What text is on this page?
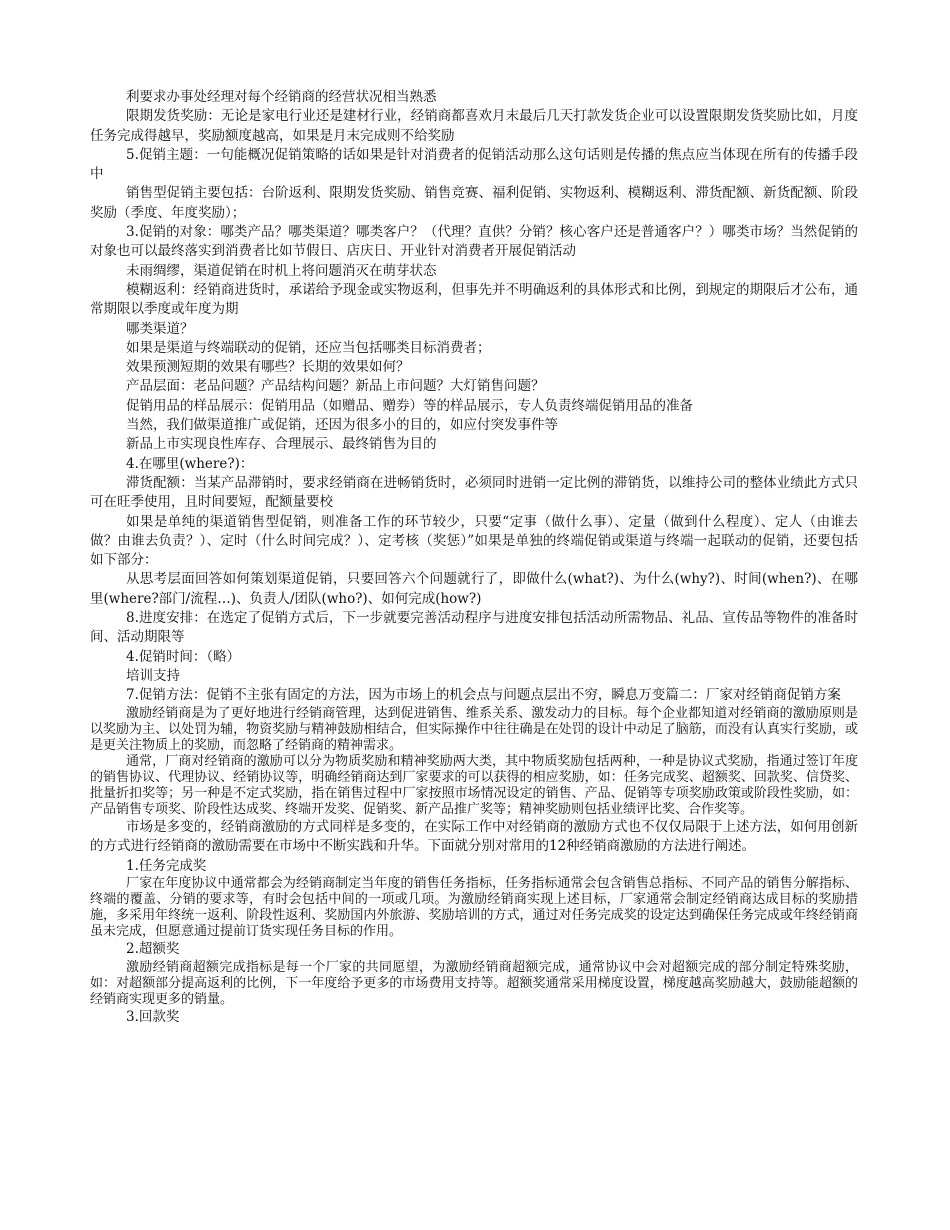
利要求办事处经理对每个经销商的经营状况相当熟悉

限期发货奖励：无论是家电行业还是建材行业，经销商都喜欢月末最后几天打款发货企业可以设置限期发货奖励比如，月度任务完成得越早，奖励额度越高，如果是月末完成则不给奖励

5.促销主题：一句能概况促销策略的话如果是针对消费者的促销活动那么这句话则是传播的焦点应当体现在所有的传播手段中

销售型促销主要包括：台阶返利、限期发货奖励、销售竞赛、福利促销、实物返利、模糊返利、滞货配额、新货配额、阶段奖励（季度、年度奖励）；

3.促销的对象：哪类产品？哪类渠道？哪类客户？（代理？直供？分销？核心客户还是普通客户？）哪类市场？当然促销的对象也可以最终落实到消费者比如节假日、店庆日、开业针对消费者开展促销活动

未雨绸缪，渠道促销在时机上将问题消灭在萌芽状态

模糊返利：经销商进货时，承诺给予现金或实物返利，但事先并不明确返利的具体形式和比例，到规定的期限后才公布，通常期限以季度或年度为期

哪类渠道？

如果是渠道与终端联动的促销，还应当包括哪类目标消费者；

效果预测短期的效果有哪些？长期的效果如何？

产品层面：老品问题？产品结构问题？新品上市问题？大灯销售问题？

促销用品的样品展示：促销用品（如赠品、赠券）等的样品展示，专人负责终端促销用品的准备

当然，我们做渠道推广或促销，还因为很多小的目的，如应付突发事件等

新品上市实现良性库存、合理展示、最终销售为目的

4.在哪里(where?)：

滞货配额：当某产品滞销时，要求经销商在进畅销货时，必须同时进销一定比例的滞销货，以维持公司的整体业绩此方式只可在旺季使用，且时间要短，配额量要校

如果是单纯的渠道销售型促销，则准备工作的环节较少，只要“定事（做什么事）、定量（做到什么程度）、定人（由谁去做？由谁去负责？）、定时（什么时间完成？）、定考核（奖惩）”如果是单独的终端促销或渠道与终端一起联动的促销，还要包括如下部分：

从思考层面回答如何策划渠道促销，只要回答六个问题就行了，即做什么(what?)、为什么(why?)、时间(when?)、在哪里(where?部门/流程…)、负责人/团队(who?)、如何完成(how?)

8.进度安排：在选定了促销方式后，下一步就要完善活动程序与进度安排包括活动所需物品、礼品、宣传品等物件的准备时间、活动期限等

4.促销时间：（略）

培训支持

7.促销方法：促销不主张有固定的方法，因为市场上的机会点与问题点层出不穷，瞬息万变篇二：厂家对经销商促销方案

激励经销商是为了更好地进行经销商管理，达到促进销售、维系关系、激发动力的目标。每个企业都知道对经销商的激励原则是以奖励为主、以处罚为辅，物资奖励与精神鼓励相结合，但实际操作中往往确是在处罚的设计中动足了脑筋，而没有认真实行奖励，或是更关注物质上的奖励，而忽略了经销商的精神需求。

通常，厂商对经销商的激励可以分为物质奖励和精神奖励两大类，其中物质奖励包括两种，一种是协议式奖励，指通过签订年度的销售协议、代理协议、经销协议等，明确经销商达到厂家要求的可以获得的相应奖励，如：任务完成奖、超额奖、回款奖、信贷奖、批量折扣奖等；另一种是不定式奖励，指在销售过程中厂家按照市场情况设定的销售、产品、促销等专项奖励政策或阶段性奖励，如：产品销售专项奖、阶段性达成奖、终端开发奖、促销奖、新产品推广奖等；精神奖励则包括业绩评比奖、合作奖等。

市场是多变的，经销商激励的方式同样是多变的，在实际工作中对经销商的激励方式也不仅仅局限于上述方法，如何用创新的方式进行经销商的激励需要在市场中不断实践和升华。下面就分别对常用的12种经销商激励的方法进行阐述。

1.任务完成奖

厂家在年度协议中通常都会为经销商制定当年度的销售任务指标，任务指标通常会包含销售总指标、不同产品的销售分解指标、终端的覆盖、分销的要求等，有时会包括中间的一项或几项。为激励经销商实现上述目标，厂家通常会制定经销商达成目标的奖励措施，多采用年终统一返利、阶段性返利、奖励国内外旅游、奖励培训的方式，通过对任务完成奖的设定达到确保任务完成或年终经销商虽未完成，但愿意通过提前订货实现任务目标的作用。

2.超额奖

激励经销商超额完成指标是每一个厂家的共同愿望，为激励经销商超额完成，通常协议中会对超额完成的部分制定特殊奖励，如：对超额部分提高返利的比例，下一年度给予更多的市场费用支持等。超额奖通常采用梯度设置，梯度越高奖励越大，鼓励能超额的经销商实现更多的销量。

3.回款奖
